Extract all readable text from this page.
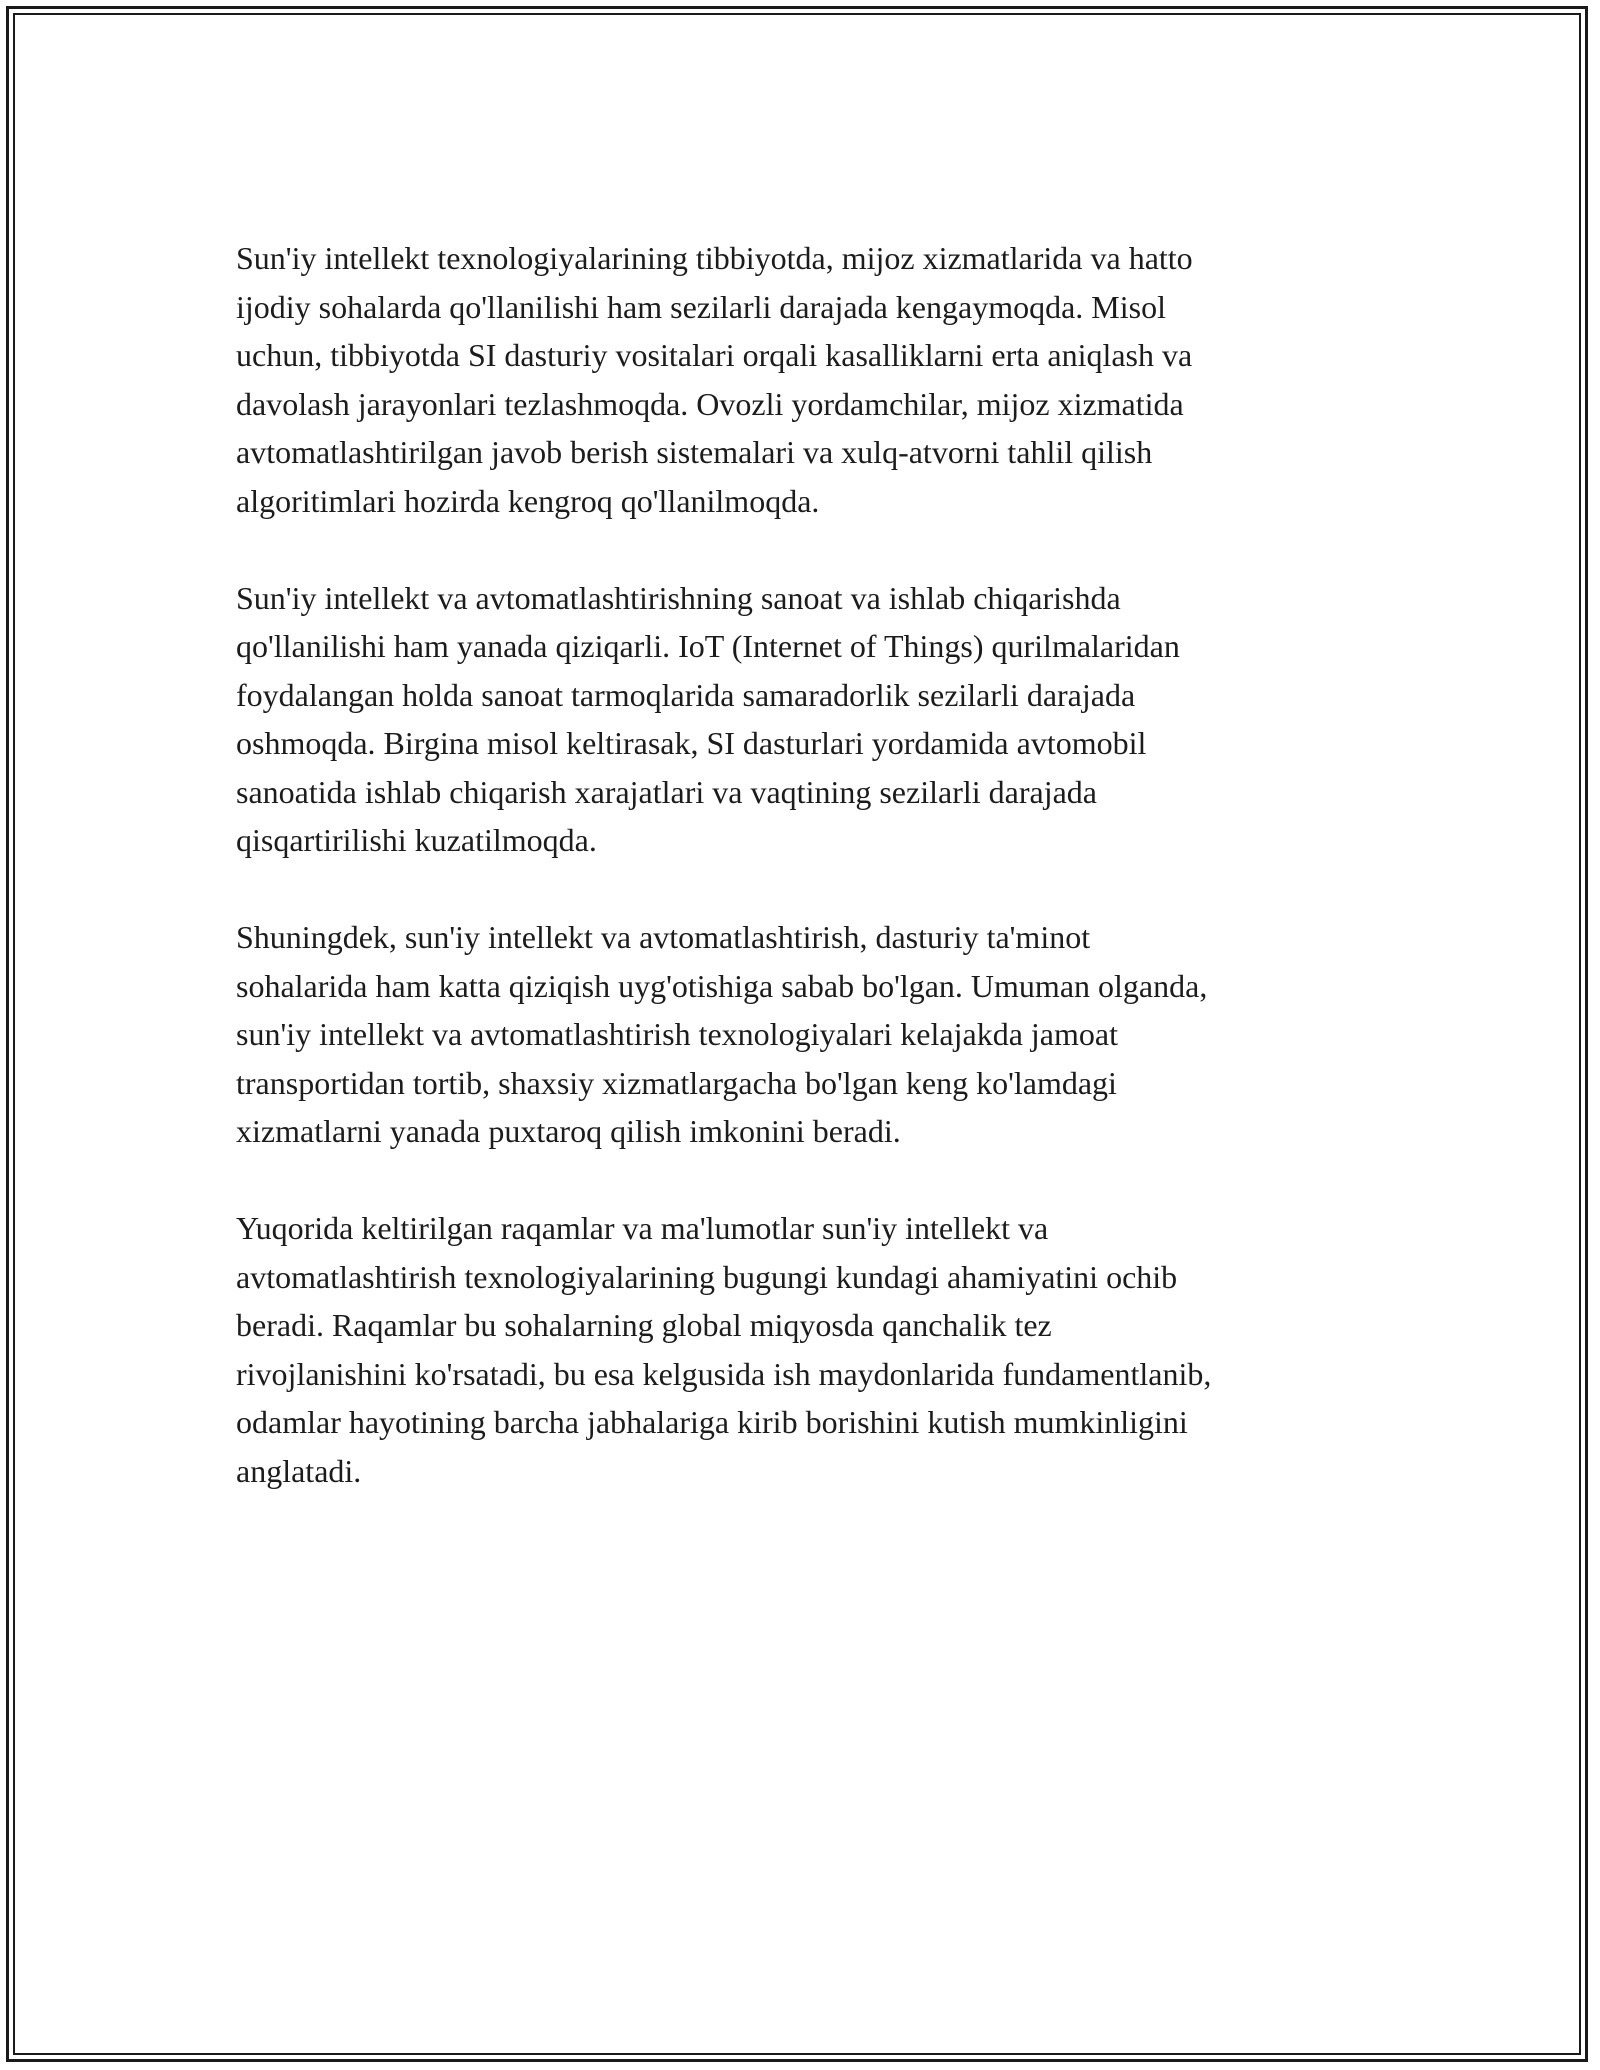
Sun'iy intellekt texnologiyalarining tibbiyotda, mijoz xizmatlarida va hatto
ijodiy sohalarda qo'llanilishi ham sezilarli darajada kengaymoqda. Misol
uchun, tibbiyotda SI dasturiy vositalari orqali kasalliklarni erta aniqlash va
davolash jarayonlari tezlashmoqda. Ovozli yordamchilar, mijoz xizmatida
avtomatlashtirilgan javob berish sistemalari va xulq-atvorni tahlil qilish
algoritimlari hozirda kengroq qo'llanilmoqda.

Sun'iy intellekt va avtomatlashtirishning sanoat va ishlab chiqarishda
qo'llanilishi ham yanada qiziqarli. IoT (Internet of Things) qurilmalaridan
foydalangan holda sanoat tarmoqlarida samaradorlik sezilarli darajada
oshmoqda. Birgina misol keltirasak, SI dasturlari yordamida avtomobil
sanoatida ishlab chiqarish xarajatlari va vaqtining sezilarli darajada
qisqartirilishi kuzatilmoqda.

Shuningdek, sun'iy intellekt va avtomatlashtirish, dasturiy ta'minot
sohalarida ham katta qiziqish uyg'otishiga sabab bo'lgan. Umuman olganda,
sun'iy intellekt va avtomatlashtirish texnologiyalari kelajakda jamoat
transportidan tortib, shaxsiy xizmatlargacha bo'lgan keng ko'lamdagi
xizmatlarni yanada puxtaroq qilish imkonini beradi.

Yuqorida keltirilgan raqamlar va ma'lumotlar sun'iy intellekt va
avtomatlashtirish texnologiyalarining bugungi kundagi ahamiyatini ochib
beradi. Raqamlar bu sohalarning global miqyosda qanchalik tez
rivojlanishini ko'rsatadi, bu esa kelgusida ish maydonlarida fundamentlanib,
odamlar hayotining barcha jabhalariga kirib borishini kutish mumkinligini
anglatadi.
